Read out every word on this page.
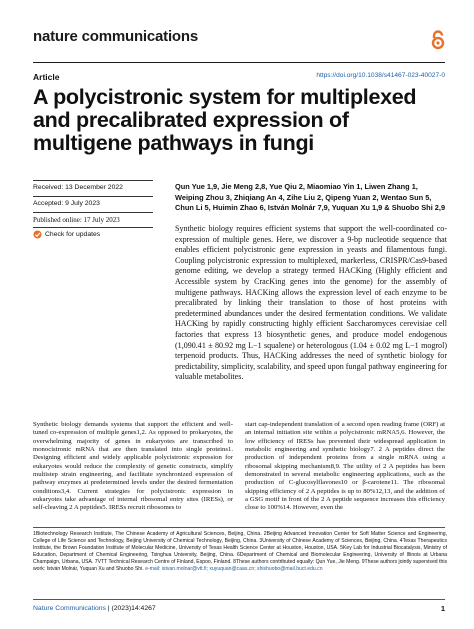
nature communications
Article	https://doi.org/10.1038/s41467-023-40027-0
A polycistronic system for multiplexed and precalibrated expression of multigene pathways in fungi
Received: 13 December 2022
Accepted: 9 July 2023
Published online: 17 July 2023
Check for updates
Qun Yue 1,9, Jie Meng 2,8, Yue Qiu 2, Miaomiao Yin 1, Liwen Zhang 1, Weiping Zhou 3, Zhiqiang An 4, Zihe Liu 2, Qipeng Yuan 2, Wentao Sun 5, Chun Li 5, Huimin Zhao 6, István Molnár 7,9, Yuquan Xu 1,9 & Shuobo Shi 2,9
Synthetic biology requires efficient systems that support the well-coordinated co-expression of multiple genes. Here, we discover a 9-bp nucleotide sequence that enables efficient polycistronic gene expression in yeasts and filamentous fungi. Coupling polycistronic expression to multiplexed, markerless, CRISPR/Cas9-based genome editing, we develop a strategy termed HACKing (Highly efficient and Accessible system by CracKing genes into the genome) for the assembly of multigene pathways. HACKing allows the expression level of each enzyme to be precalibrated by linking their translation to those of host proteins with predetermined abundances under the desired fermentation conditions. We validate HACKing by rapidly constructing highly efficient Saccharomyces cerevisiae cell factories that express 13 biosynthetic genes, and produce model endogenous (1,090.41 ± 80.92 mg L−1 squalene) or heterologous (1.04 ± 0.02 mg L−1 mogrol) terpenoid products. Thus, HACKing addresses the need of synthetic biology for predictability, simplicity, scalability, and speed upon fungal pathway engineering for valuable metabolites.
Synthetic biology demands systems that support the efficient and well-tuned co-expression of multiple genes1,2. As opposed to prokaryotes, the overwhelming majority of genes in eukaryotes are transcribed to monocistronic mRNA that are then translated into single proteins1. Designing efficient and widely applicable polycistronic expression for eukaryotes would reduce the complexity of genetic constructs, simplify multistep strain engineering, and facilitate synchronized expression of pathway enzymes at predetermined levels under the desired fermentation conditions3,4. Current strategies for polycistronic expression in eukaryotes take advantage of internal ribosomal entry sites (IRESs), or self-cleaving 2 A peptides5. IRESs recruit ribosomes to
start cap-independent translation of a second open reading frame (ORF) at an internal initiation site within a polycistronic mRNA5,6. However, the low efficiency of IRESs has prevented their widespread application in metabolic engineering and synthetic biology7. 2 A peptides direct the production of independent proteins from a single mRNA using a ribosomal skipping mechanism8,9. The utility of 2 A peptides has been demonstrated in several metabolic engineering applications, such as the production of C-glucosylflavones10 or β-carotene11. The ribosomal skipping efficiency of 2 A peptides is up to 80%12,13, and the addition of a GSG motif in front of the 2 A peptide sequence increases this efficiency close to 100%14. However, even the
1Biotechnology Research Institute, The Chinese Academy of Agricultural Sciences, Beijing, China. 2Beijing Advanced Innovation Center for Soft Matter Science and Engineering, College of Life Science and Technology, Beijing University of Chemical Technology, Beijing, China. 3University of Chinese Academy of Sciences, Beijing, China. 4Texas Therapeutics Institute, the Brown Foundation Institute of Molecular Medicine, University of Texas Health Science Center at Houston, Houston, USA. 5Key Lab for Industrial Biocatalysis, Ministry of Education, Department of Chemical Engineering, Tsinghua University, Beijing, China. 6Department of Chemical and Biomolecular Engineering, University of Illinois at Urbana Champaign, Urbana, USA. 7VTT Technical Research Centre of Finland, Espoo, Finland. 8These authors contributed equally: Qun Yue, Jie Meng. 9These authors jointly supervised this work: István Molnár, Yuquan Xu and Shuobo Shi. e-mail: istvan.molnar@vtt.fi; xuyuquan@caas.cn; shishuobo@mail.buct.edu.cn
Nature Communications | (2023)14:4267	1
